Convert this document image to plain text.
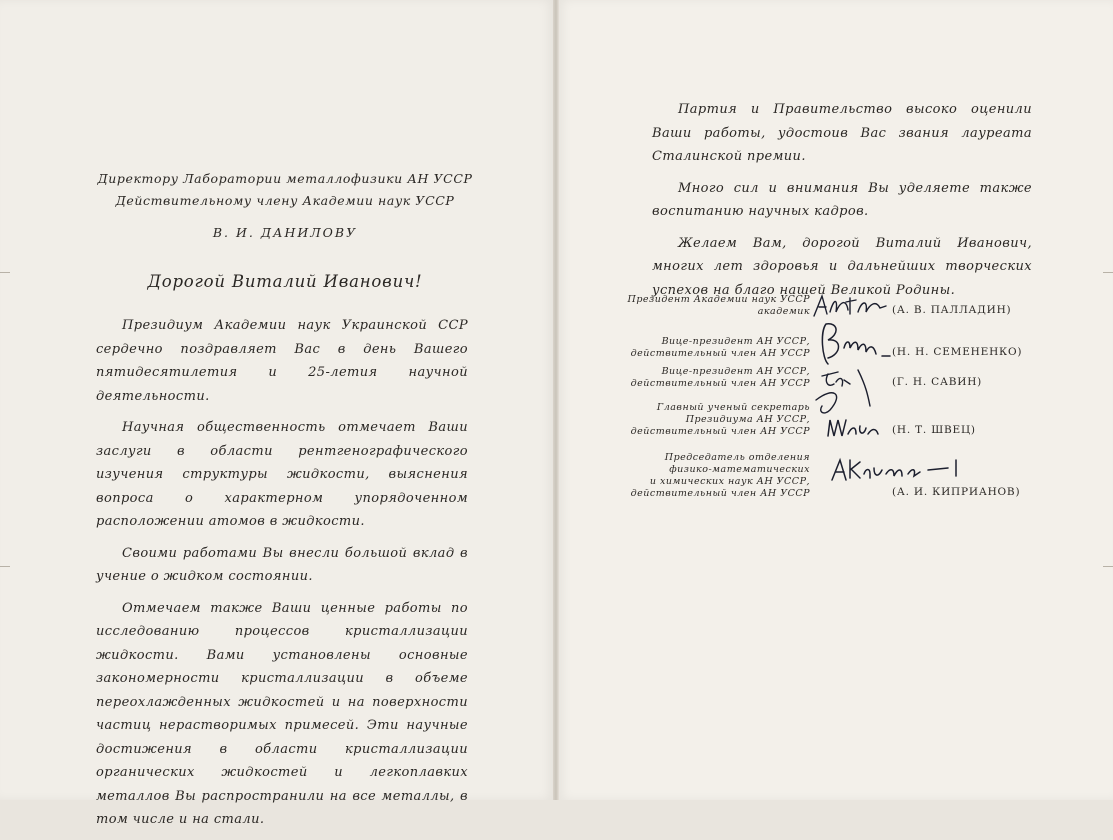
Директору Лаборатории металлофизики АН УССР
Действительному члену Академии наук УССР
В. И. ДАНИЛОВУ
Дорогой Виталий Иванович!

Президиум Академии наук Украинской ССР сердечно поздравляет Вас в день Вашего пятидесятилетия и 25-летия научной деятельности.

Научная общественность отмечает Ваши заслуги в области рентгенографического изучения структуры жидкости, выяснения вопроса о характерном упорядоченном расположении атомов в жидкости.

Своими работами Вы внесли большой вклад в учение о жидком состоянии.

Отмечаем также Ваши ценные работы по исследованию процессов кристаллизации жидкости. Вами установлены основные закономерности кристаллизации в объеме переохлажденных жидкостей и на поверхности частиц нерастворимых примесей. Эти научные достижения в области кристаллизации органических жидкостей и легкоплавких металлов Вы распространили на все металлы, в том числе и на стали.

Партия и Правительство высоко оценили Ваши работы, удостоив Вас звания лауреата Сталинской премии.

Много сил и внимания Вы уделяете также воспитанию научных кадров.

Желаем Вам, дорогой Виталий Иванович, многих лет здоровья и дальнейших творческих успехов на благо нашей Великой Родины.

Президент Академии наук УССР
академик	(А. В. ПАЛЛАДИН)
Вице-президент АН УССР,
действительный член АН УССР	(Н. Н. СЕМЕНЕНКО)
Вице-президент АН УССР,
действительный член АН УССР	(Г. Н. САВИН)
Главный ученый секретарь
Президиума АН УССР,
действительный член АН УССР	(Н. Т. ШВЕЦ)
Председатель отделения
физико-математических
и химических наук АН УССР,
действительный член АН УССР	(А. И. КИПРИАНОВ)
